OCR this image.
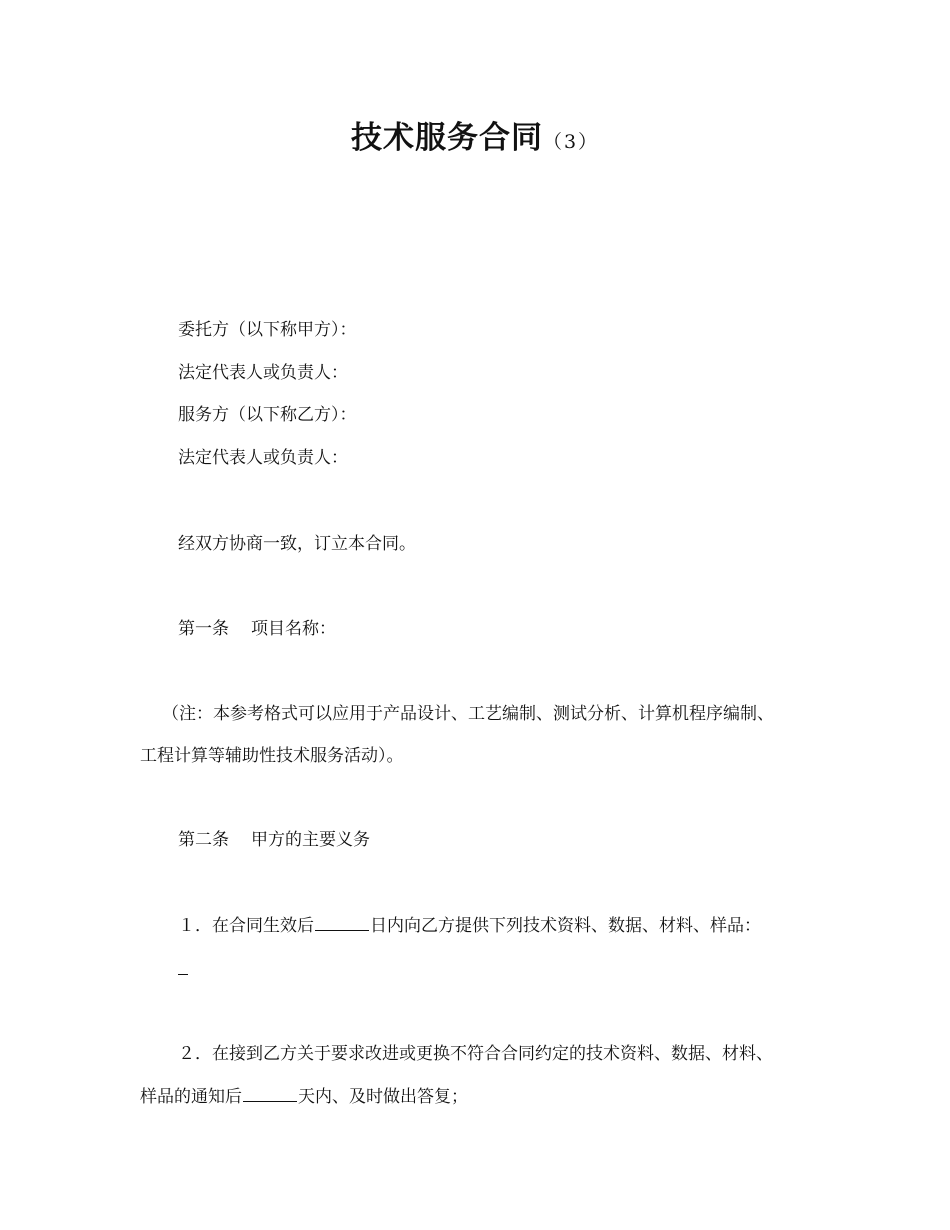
技术服务合同（3）
委托方（以下称甲方）：
法定代表人或负责人：
服务方（以下称乙方）：
法定代表人或负责人：
经双方协商一致，订立本合同。
第一条 项目名称：
（注：本参考格式可以应用于产品设计、工艺编制、测试分析、计算机程序编制、
工程计算等辅助性技术服务活动）。
第二条 甲方的主要义务
１．在合同生效后	日内向乙方提供下列技术资料、数据、材料、样品：
２．在接到乙方关于要求改进或更换不符合合同约定的技术资料、数据、材料、
样品的通知后	天内、及时做出答复；
